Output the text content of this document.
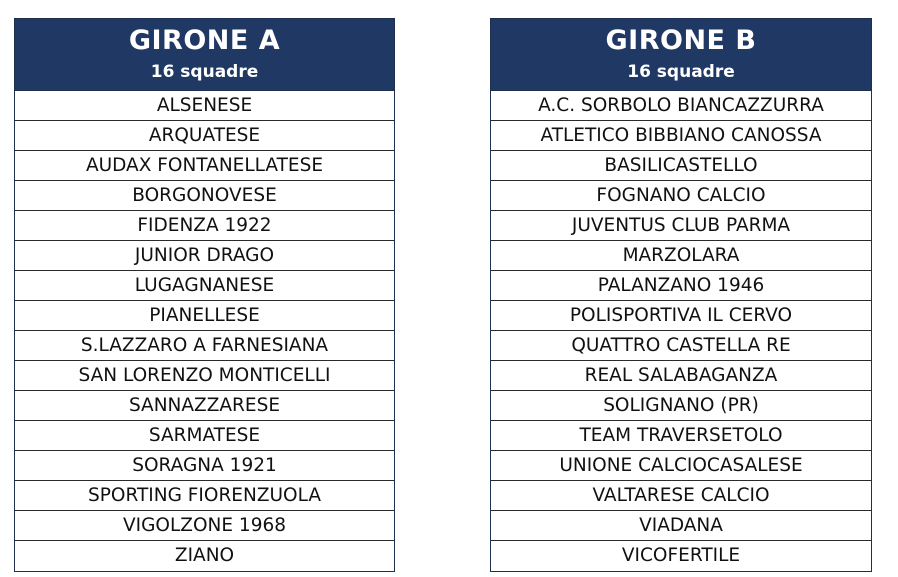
GIRONE A
16 squadre
ALSENESE
ARQUATESE
AUDAX FONTANELLATESE
BORGONOVESE
FIDENZA 1922
JUNIOR DRAGO
LUGAGNANESE
PIANELLESE
S.LAZZARO A FARNESIANA
SAN LORENZO MONTICELLI
SANNAZZARESE
SARMATESE
SORAGNA 1921
SPORTING FIORENZUOLA
VIGOLZONE 1968
ZIANO
GIRONE B
16 squadre
A.C. SORBOLO BIANCAZZURRA
ATLETICO BIBBIANO CANOSSA
BASILICASTELLO
FOGNANO CALCIO
JUVENTUS CLUB PARMA
MARZOLARA
PALANZANO 1946
POLISPORTIVA IL CERVO
QUATTRO CASTELLA RE
REAL SALABAGANZA
SOLIGNANO (PR)
TEAM TRAVERSETOLO
UNIONE CALCIOCASALESE
VALTARESE CALCIO
VIADANA
VICOFERTILE
